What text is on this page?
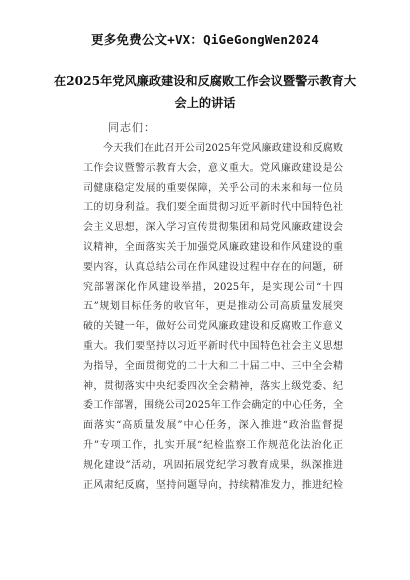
更多免费公文+VX：QiGeGongWen2024
在2025年党风廉政建设和反腐败工作会议暨警示教育大会上的讲话
同志们：
今天我们在此召开公司2025年党风廉政建设和反腐败
工作会议暨警示教育大会，意义重大。党风廉政建设是公
司健康稳定发展的重要保障，关乎公司的未来和每一位员
工的切身利益。我们要全面贯彻习近平新时代中国特色社
会主义思想，深入学习宣传贯彻集团和局党风廉政建设会
议精神，全面落实关于加强党风廉政建设和作风建设的重
要内容，认真总结公司在作风建设过程中存在的问题，研
究部署深化作风建设举措，2025年，是实现公司“十四
五”规划目标任务的收官年，更是推动公司高质量发展突
破的关键一年，做好公司党风廉政建设和反腐败工作意义
重大。我们要坚持以习近平新时代中国特色社会主义思想
为指导，全面贯彻党的二十大和二十届二中、三中全会精
神，贯彻落实中央纪委四次全会精神，落实上级党委、纪
委工作部署，围绕公司2025年工作会确定的中心任务，全
面落实“高质量发展”中心任务，深入推进“政治监督提
升”专项工作，扎实开展“纪检监察工作规范化法治化正
规化建设”活动，巩固拓展党纪学习教育成果，纵深推进
正风肃纪反腐，坚持问题导向，持续精准发力，推进纪检
